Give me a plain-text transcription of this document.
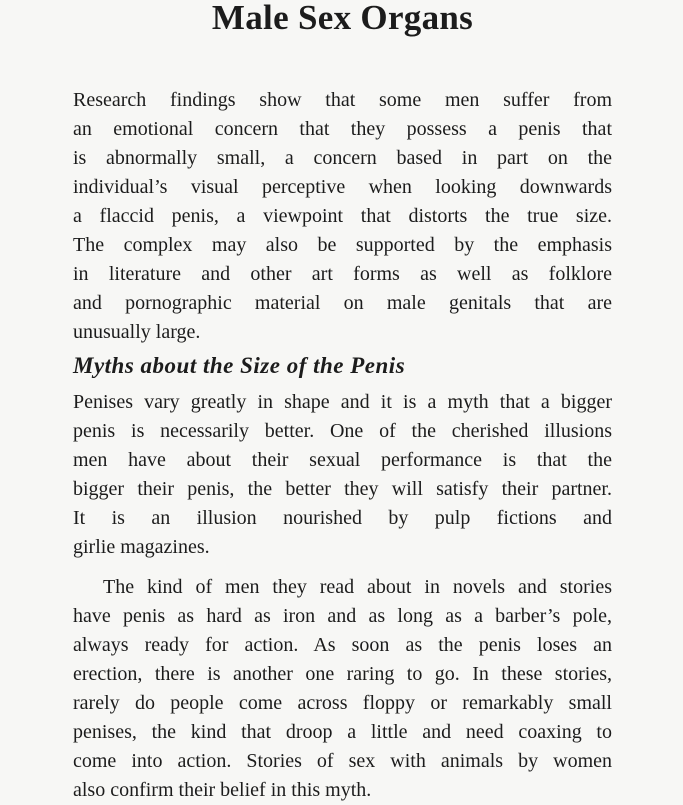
Male Sex Organs
Research findings show that some men suffer from
an emotional concern that they possess a penis that
is abnormally small, a concern based in part on the
individual’s visual perceptive when looking downwards
a flaccid penis, a viewpoint that distorts the true size.
The complex may also be supported by the emphasis
in literature and other art forms as well as folklore
and pornographic material on male genitals that are
unusually large.
Myths about the Size of the Penis
Penises vary greatly in shape and it is a myth that a bigger
penis is necessarily better. One of the cherished illusions
men have about their sexual performance is that the
bigger their penis, the better they will satisfy their partner.
It is an illusion nourished by pulp fictions and
girlie magazines.
The kind of men they read about in novels and stories
have penis as hard as iron and as long as a barber’s pole,
always ready for action. As soon as the penis loses an
erection, there is another one raring to go. In these stories,
rarely do people come across floppy or remarkably small
penises, the kind that droop a little and need coaxing to
come into action. Stories of sex with animals by women
also confirm their belief in this myth.
